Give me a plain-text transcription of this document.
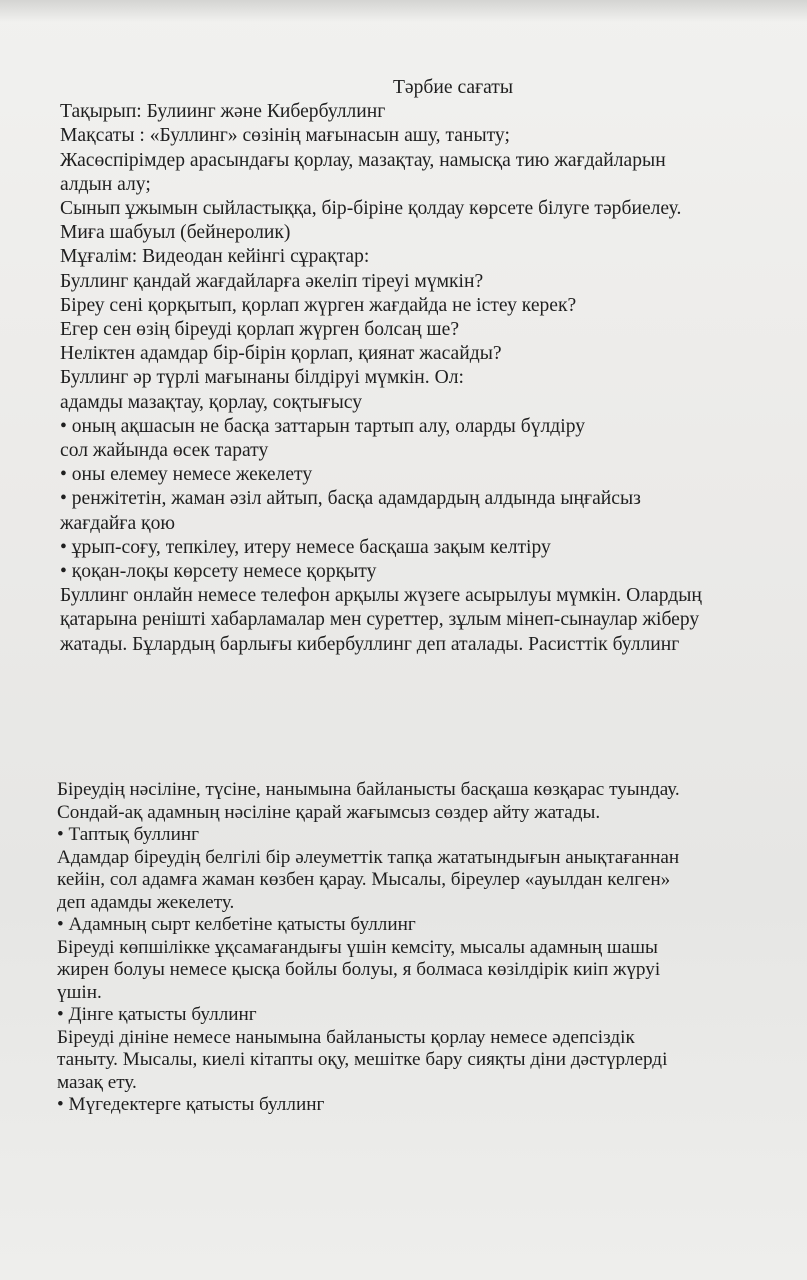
Тәрбие сағаты

Тақырып: Булиинг және Кибербуллинг

Мақсаты : «Буллинг» сөзінің мағынасын ашу, таныту;

Жасөспірімдер арасындағы қорлау, мазақтау, намысқа тию жағдайларын

алдын алу;

Сынып ұжымын сыйластыққа, бір-біріне қолдау көрсете білуге тәрбиелеу.

Миға шабуыл (бейнеролик)

Мұғалім: Видеодан кейінгі сұрақтар:

Буллинг қандай жағдайларға әкеліп тіреуі мүмкін?

Біреу сені қорқытып, қорлап жүрген жағдайда не істеу керек?

Егер сен өзің біреуді қорлап жүрген болсаң ше?

Неліктен адамдар бір-бірін қорлап, қиянат жасайды?

Буллинг әр түрлі мағынаны білдіруі мүмкін. Ол:

адамды мазақтау, қорлау, соқтығысу

• оның ақшасын не басқа заттарын тартып алу, оларды бүлдіру

сол жайында өсек тарату

• оны елемеу немесе жекелету

• ренжітетін, жаман әзіл айтып, басқа адамдардың алдында ыңғайсыз

жағдайға қою

• ұрып-соғу, тепкілеу, итеру немесе басқаша зақым келтіру

• қоқан-лоқы көрсету немесе қорқыту

Буллинг онлайн немесе телефон арқылы жүзеге асырылуы мүмкін. Олардың

қатарына ренішті хабарламалар мен суреттер, зұлым мінеп-сынаулар жіберу

жатады. Бұлардың барлығы кибербуллинг деп аталады. Расисттік буллинг

Біреудің нәсіліне, түсіне, нанымына байланысты басқаша көзқарас туындау.

Сондай-ақ адамның нәсіліне қарай жағымсыз сөздер айту жатады.

• Таптық буллинг

Адамдар біреудің белгілі бір әлеуметтік тапқа жататындығын анықтағаннан

кейін, сол адамға жаман көзбен қарау. Мысалы, біреулер «ауылдан келген»

деп адамды жекелету.

• Адамның сырт келбетіне қатысты буллинг

Біреуді көпшілікке ұқсамағандығы үшін кемсіту, мысалы адамның шашы

жирен болуы немесе қысқа бойлы болуы, я болмаса көзілдірік киіп жүруі

үшін.

• Дінге қатысты буллинг

Біреуді дініне немесе нанымына байланысты қорлау немесе әдепсіздік

таныту. Мысалы, киелі кітапты оқу, мешітке бару сияқты діни дәстүрлерді

мазақ ету.

• Мүгедектерге қатысты буллинг
